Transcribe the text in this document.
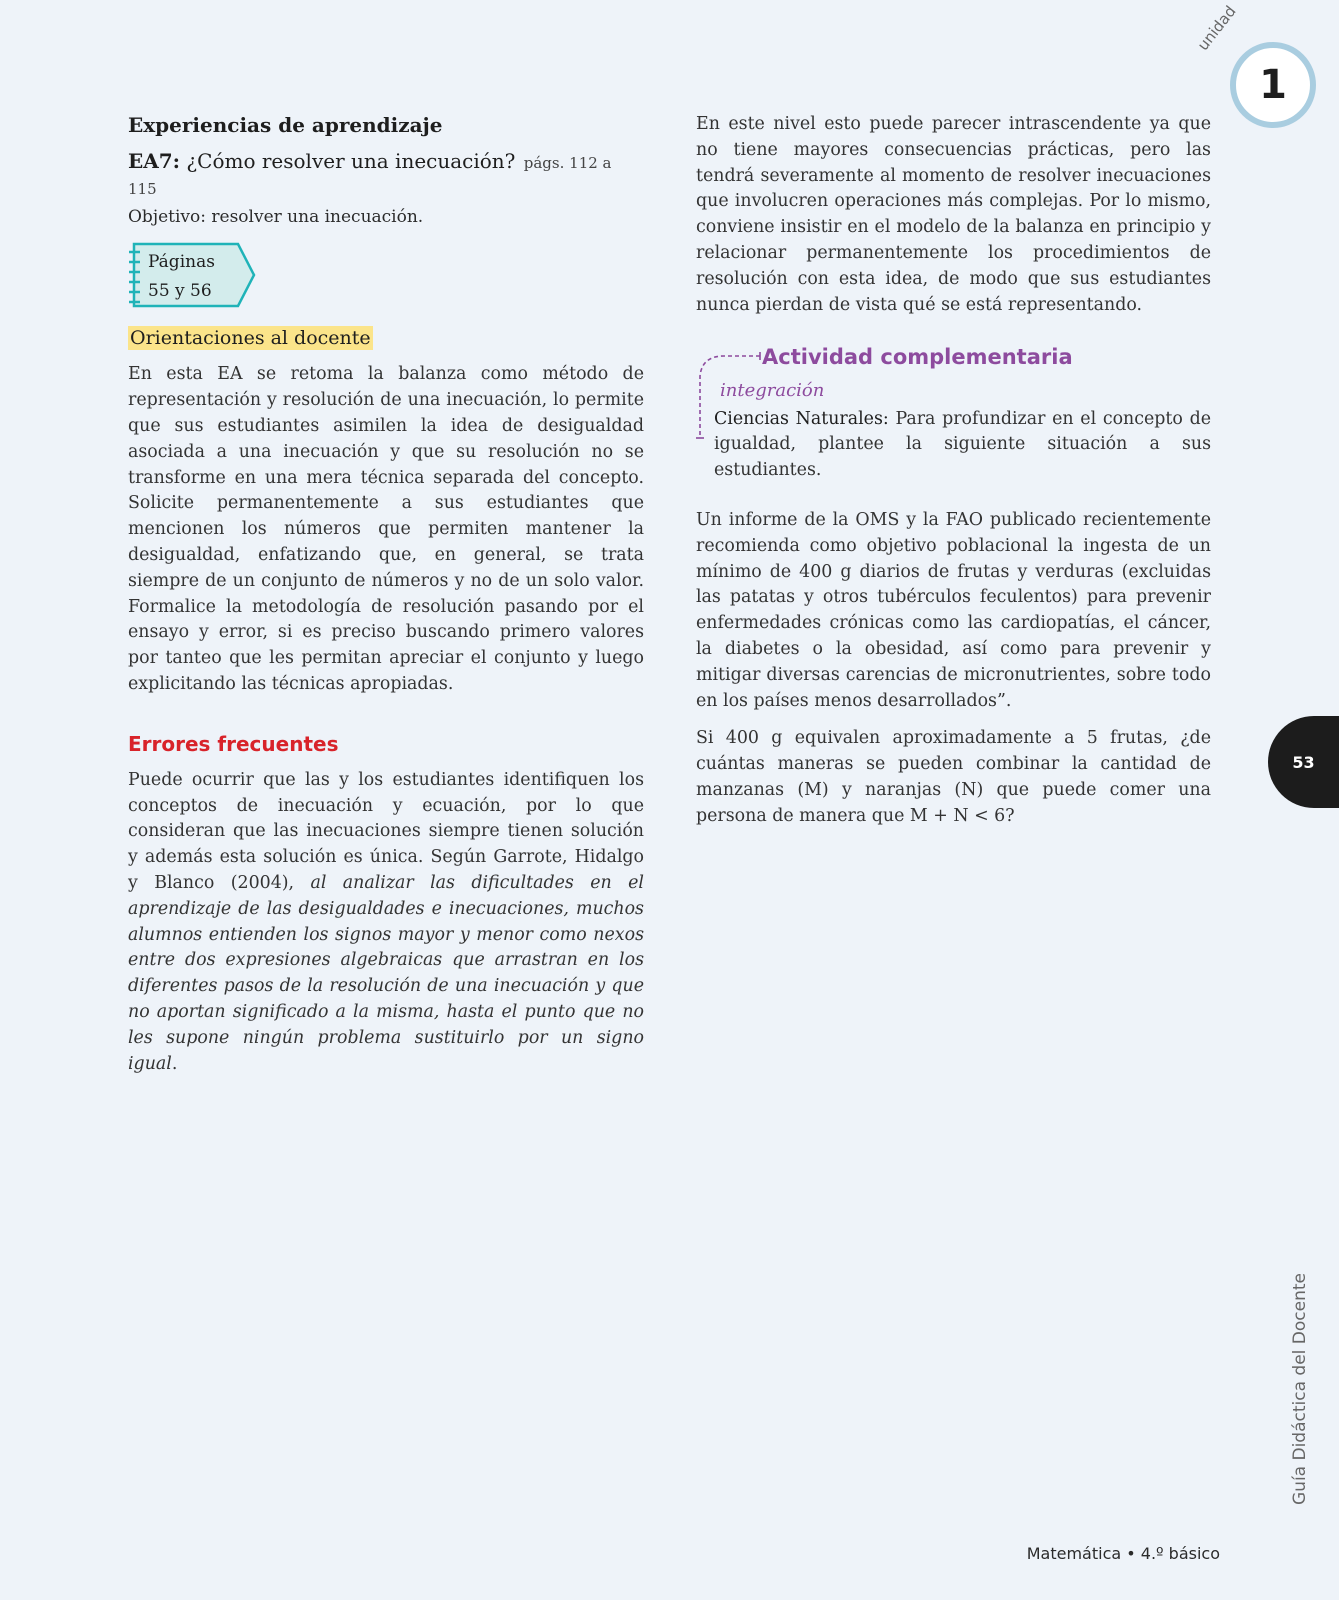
unidad
1
Experiencias de aprendizaje
EA7: ¿Cómo resolver una inecuación? págs. 112 a 115
Objetivo: resolver una inecuación.
Páginas
55 y 56
Orientaciones al docente

En esta EA se retoma la balanza como método de representación y resolución de una inecuación, lo permite que sus estudiantes asimilen la idea de desigualdad asociada a una inecuación y que su resolución no se transforme en una mera técnica separada del concepto. Solicite permanentemente a sus estudiantes que mencionen los números que permiten mantener la desigualdad, enfatizando que, en general, se trata siempre de un conjunto de números y no de un solo valor. Formalice la metodología de resolución pasando por el ensayo y error, si es preciso buscando primero valores por tanteo que les permitan apreciar el conjunto y luego explicitando las técnicas apropiadas.

Errores frecuentes

Puede ocurrir que las y los estudiantes identifiquen los conceptos de inecuación y ecuación, por lo que consideran que las inecuaciones siempre tienen solución y además esta solución es única. Según Garrote, Hidalgo y Blanco (2004), al analizar las dificultades en el aprendizaje de las desigualdades e inecuaciones, muchos alumnos entienden los signos mayor y menor como nexos entre dos expresiones algebraicas que arrastran en los diferentes pasos de la resolución de una inecuación y que no aportan significado a la misma, hasta el punto que no les supone ningún problema sustituirlo por un signo igual.

En este nivel esto puede parecer intrascendente ya que no tiene mayores consecuencias prácticas, pero las tendrá severamente al momento de resolver inecuaciones que involucren operaciones más complejas. Por lo mismo, conviene insistir en el modelo de la balanza en principio y relacionar permanentemente los procedimientos de resolución con esta idea, de modo que sus estudiantes nunca pierdan de vista qué se está representando.

Actividad complementaria
integración
Ciencias Naturales: Para profundizar en el concepto de igualdad, plantee la siguiente situación a sus estudiantes.

Un informe de la OMS y la FAO publicado recientemente recomienda como objetivo poblacional la ingesta de un mínimo de 400 g diarios de frutas y verduras (excluidas las patatas y otros tubérculos feculentos) para prevenir enfermedades crónicas como las cardiopatías, el cáncer, la diabetes o la obesidad, así como para prevenir y mitigar diversas carencias de micronutrientes, sobre todo en los países menos desarrollados”.

Si 400 g equivalen aproximadamente a 5 frutas, ¿de cuántas maneras se pueden combinar la cantidad de manzanas (M) y naranjas (N) que puede comer una persona de manera que M + N < 6?

53
Guía Didáctica del Docente
Matemática • 4.º básico
